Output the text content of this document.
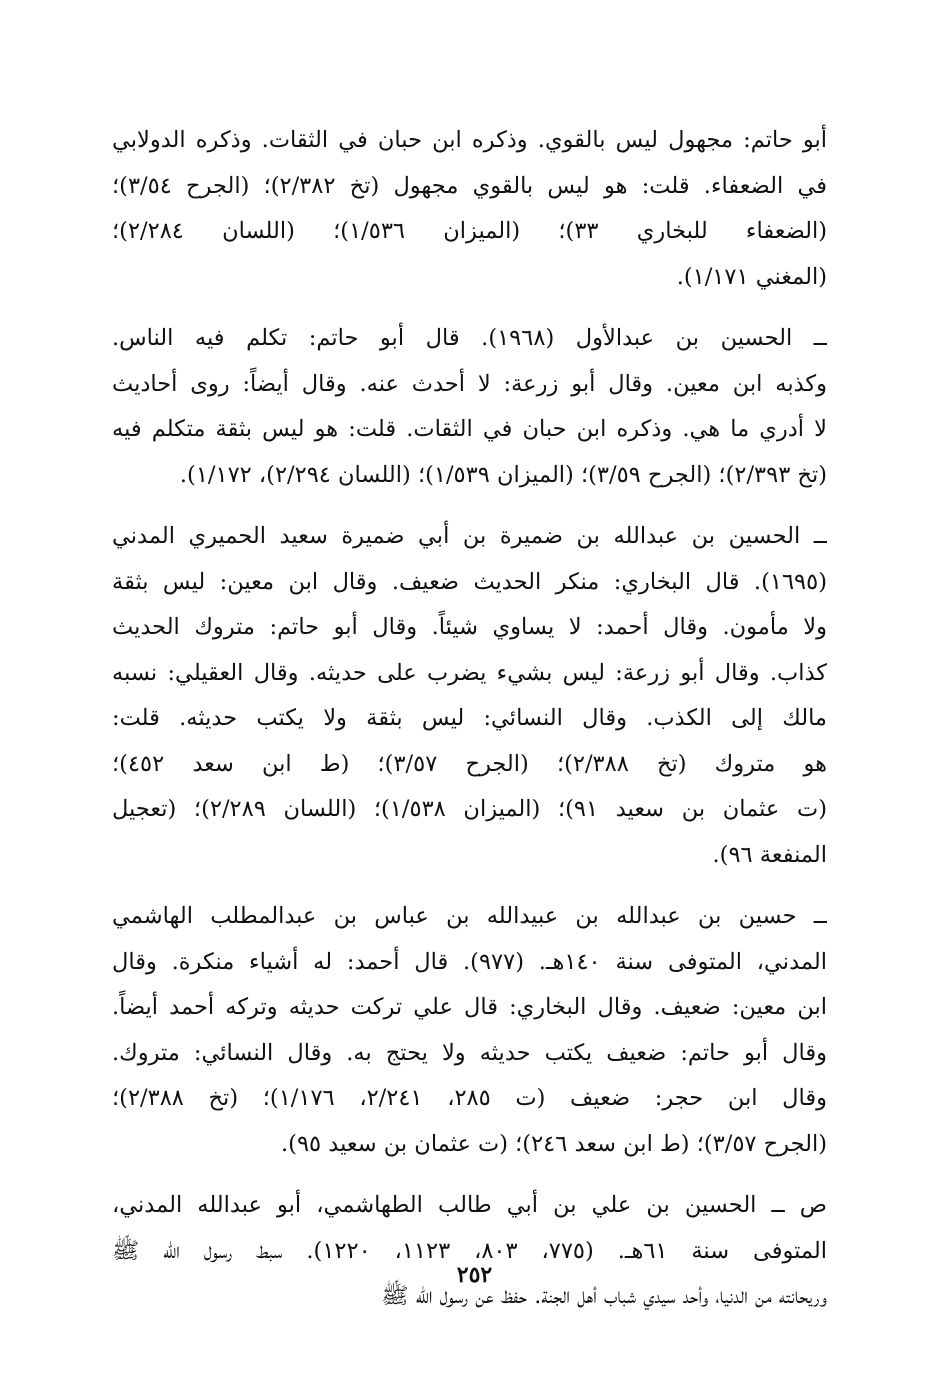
أبو حاتم: مجهول ليس بالقوي. وذكره ابن حبان في الثقات. وذكره الدولابي
في الضعفاء. قلت: هو ليس بالقوي مجهول (تخ ٢/٣٨٢)؛ (الجرح ٣/٥٤)؛
(الضعفاء للبخاري ٣٣)؛ (الميزان ١/٥٣٦)؛ (اللسان ٢/٢٨٤)؛
(المغني ١/١٧١).
ــ الحسين بن عبدالأول (١٩٦٨). قال أبو حاتم: تكلم فيه الناس.
وكذبه ابن معين. وقال أبو زرعة: لا أحدث عنه. وقال أيضاً: روى أحاديث
لا أدري ما هي. وذكره ابن حبان في الثقات. قلت: هو ليس بثقة متكلم فيه
(تخ ٢/٣٩٣)؛ (الجرح ٣/٥٩)؛ (الميزان ١/٥٣٩)؛ (اللسان ٢/٢٩٤)، ١/١٧٢).
ــ الحسين بن عبدالله بن ضميرة بن أبي ضميرة سعيد الحميري المدني
(١٦٩٥). قال البخاري: منكر الحديث ضعيف. وقال ابن معين: ليس بثقة
ولا مأمون. وقال أحمد: لا يساوي شيئاً. وقال أبو حاتم: متروك الحديث
كذاب. وقال أبو زرعة: ليس بشيء يضرب على حديثه. وقال العقيلي: نسبه
مالك إلى الكذب. وقال النسائي: ليس بثقة ولا يكتب حديثه. قلت:
هو متروك (تخ ٢/٣٨٨)؛ (الجرح ٣/٥٧)؛ (ط ابن سعد ٤٥٢)؛
(ت عثمان بن سعيد ٩١)؛ (الميزان ١/٥٣٨)؛ (اللسان ٢/٢٨٩)؛ (تعجيل
المنفعة ٩٦).
ــ حسين بن عبدالله بن عبيدالله بن عباس بن عبدالمطلب الهاشمي
المدني، المتوفى سنة ١٤٠هـ. (٩٧٧). قال أحمد: له أشياء منكرة. وقال
ابن معين: ضعيف. وقال البخاري: قال علي تركت حديثه وتركه أحمد أيضاً.
وقال أبو حاتم: ضعيف يكتب حديثه ولا يحتج به. وقال النسائي: متروك.
وقال ابن حجر: ضعيف (ت ٢٨٥، ٢/٢٤١، ١/١٧٦)؛ (تخ ٢/٣٨٨)؛
(الجرح ٣/٥٧)؛ (ط ابن سعد ٢٤٦)؛ (ت عثمان بن سعيد ٩٥).
ص ــ الحسين بن علي بن أبي طالب الطهاشمي، أبو عبدالله المدني،
المتوفى سنة ٦١هـ. (٧٧٥، ٨٠٣، ١١٢٣، ١٢٢٠). سبط رسول الله ﷺ
وريحانته من الدنيا، وأحد سيدي شباب أهل الجنة. حفظ عن رسول الله ﷺ
٢٥٢
